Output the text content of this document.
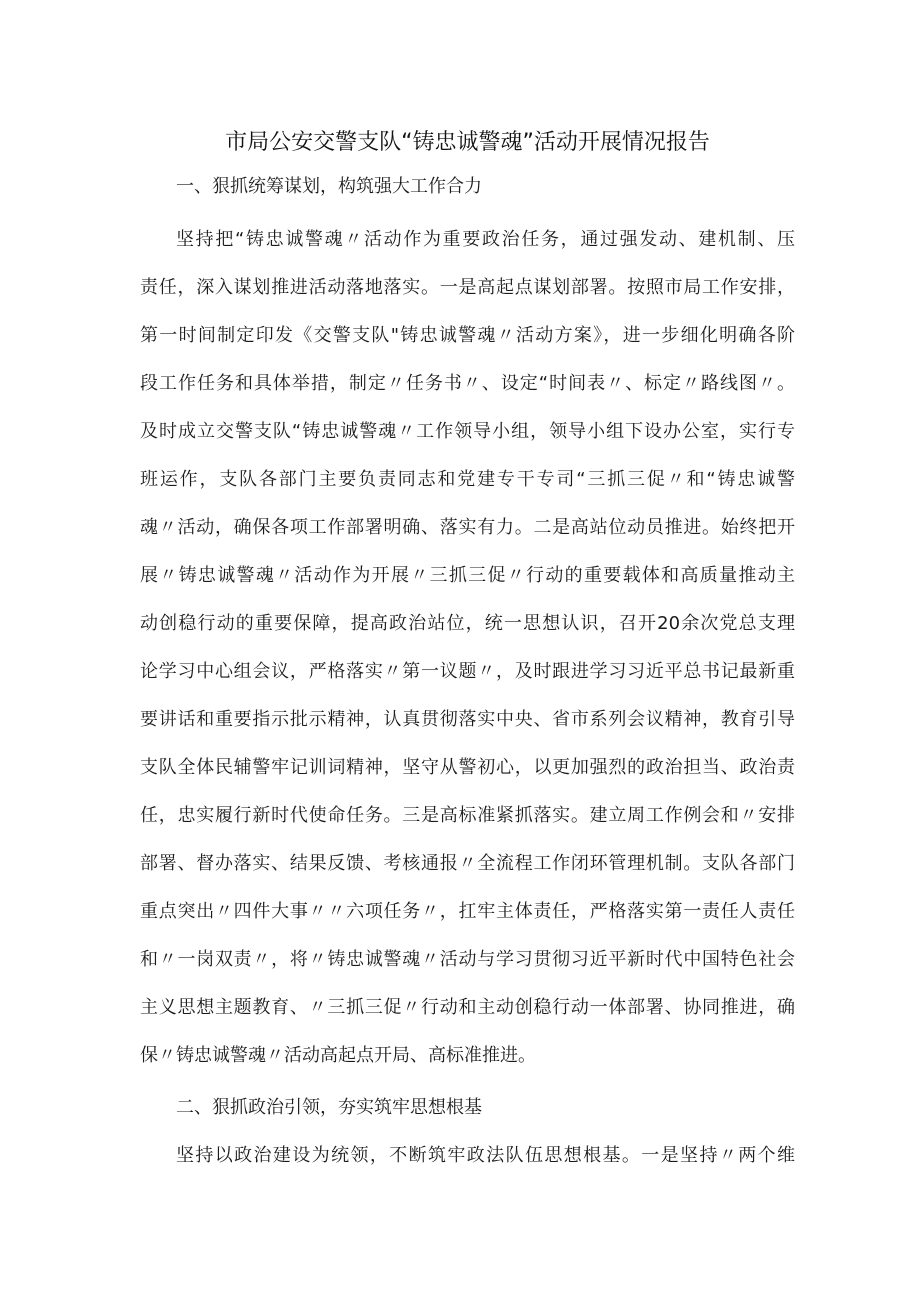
市局公安交警支队“铸忠诚警魂”活动开展情况报告
一、狠抓统筹谋划，构筑强大工作合力
坚持把“铸忠诚警魂〃活动作为重要政治任务，通过强发动、建机制、压
责任，深入谋划推进活动落地落实。一是高起点谋划部署。按照市局工作安排，
第一时间制定印发《交警支队"铸忠诚警魂〃活动方案》，进一步细化明确各阶
段工作任务和具体举措，制定〃任务书〃、设定“时间表〃、标定〃路线图〃。
及时成立交警支队“铸忠诚警魂〃工作领导小组，领导小组下设办公室，实行专
班运作，支队各部门主要负责同志和党建专干专司“三抓三促〃和“铸忠诚警
魂〃活动，确保各项工作部署明确、落实有力。二是高站位动员推进。始终把开
展〃铸忠诚警魂〃活动作为开展〃三抓三促〃行动的重要载体和高质量推动主
动创稳行动的重要保障，提高政治站位，统一思想认识，召开20余次党总支理
论学习中心组会议，严格落实〃第一议题〃，及时跟进学习习近平总书记最新重
要讲话和重要指示批示精神，认真贯彻落实中央、省市系列会议精神，教育引导
支队全体民辅警牢记训词精神，坚守从警初心，以更加强烈的政治担当、政治责
任，忠实履行新时代使命任务。三是高标准紧抓落实。建立周工作例会和〃安排
部署、督办落实、结果反馈、考核通报〃全流程工作闭环管理机制。支队各部门
重点突出〃四件大事〃〃六项任务〃，扛牢主体责任，严格落实第一责任人责任
和〃一岗双责〃，将〃铸忠诚警魂〃活动与学习贯彻习近平新时代中国特色社会
主义思想主题教育、〃三抓三促〃行动和主动创稳行动一体部署、协同推进，确
保〃铸忠诚警魂〃活动高起点开局、高标准推进。
二、狠抓政治引领，夯实筑牢思想根基
坚持以政治建设为统领，不断筑牢政法队伍思想根基。一是坚持〃两个维
